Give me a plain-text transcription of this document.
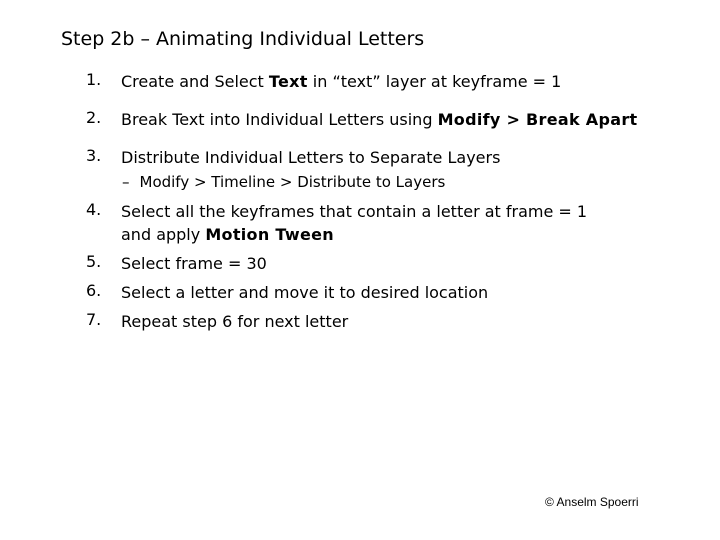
Step 2b – Animating Individual Letters
1. Create and Select Text in “text” layer at keyframe = 1
2. Break Text into Individual Letters using Modify > Break Apart
3. Distribute Individual Letters to Separate Layers
– Modify > Timeline > Distribute to Layers
4. Select all the keyframes that contain a letter at frame = 1
and apply Motion Tween
5. Select frame = 30
6. Select a letter and move it to desired location
7. Repeat step 6 for next letter
© Anselm Spoerri
